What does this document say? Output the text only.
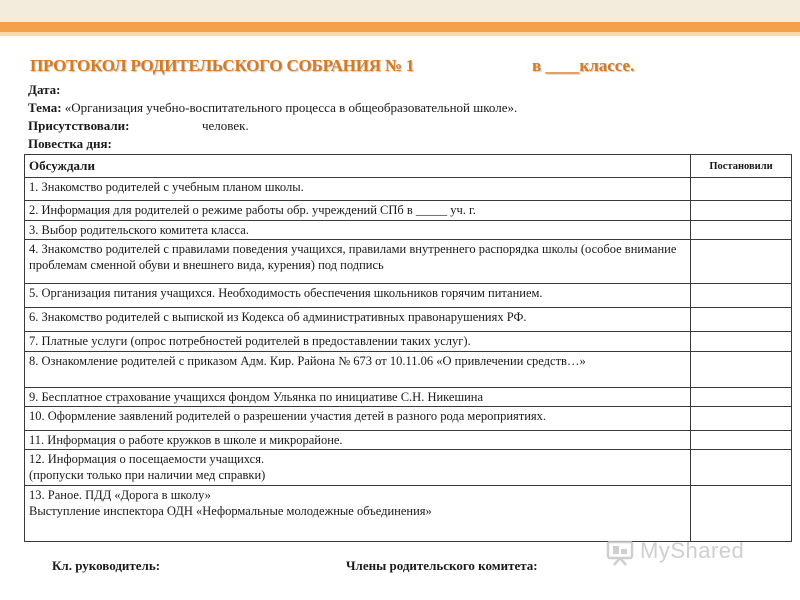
ПРОТОКОЛ РОДИТЕЛЬСКОГО СОБРАНИЯ № 1	в ____классе.
Дата:
Тема: «Организация учебно-воспитательного процесса в общеобразовательной школе».
Присутствовали:	человек.
Повестка дня:
Обсуждали	Постановили
1. Знакомство родителей с учебным планом школы.	
2. Информация для родителей о режиме работы обр. учреждений СПб в _____ уч. г.	
3. Выбор родительского комитета класса.	
4. Знакомство родителей с правилами поведения учащихся, правилами внутреннего распорядка школы (особое внимание проблемам сменной обуви и внешнего вида, курения) под подпись	
5. Организация питания учащихся. Необходимость обеспечения школьников горячим питанием.	
6. Знакомство родителей с выпиской из Кодекса об административных правонарушениях РФ.	
7. Платные услуги (опрос потребностей родителей в предоставлении таких услуг).	
8. Ознакомление родителей с приказом Адм. Кир. Района № 673 от 10.11.06 «О привлечении средств…»	
9. Бесплатное страхование учащихся фондом Ульянка по инициативе С.Н. Никешина	
10. Оформление заявлений родителей о разрешении участия детей в разного рода мероприятиях.	
11. Информация о работе кружков в школе и микрорайоне.	
12. Информация о посещаемости учащихся.
(пропуски только при наличии мед справки)	
13. Раное. ПДД «Дорога в школу»
Выступление инспектора ОДН «Неформальные молодежные объединения»	
Кл. руководитель:	Члены родительского комитета:
MyShared
